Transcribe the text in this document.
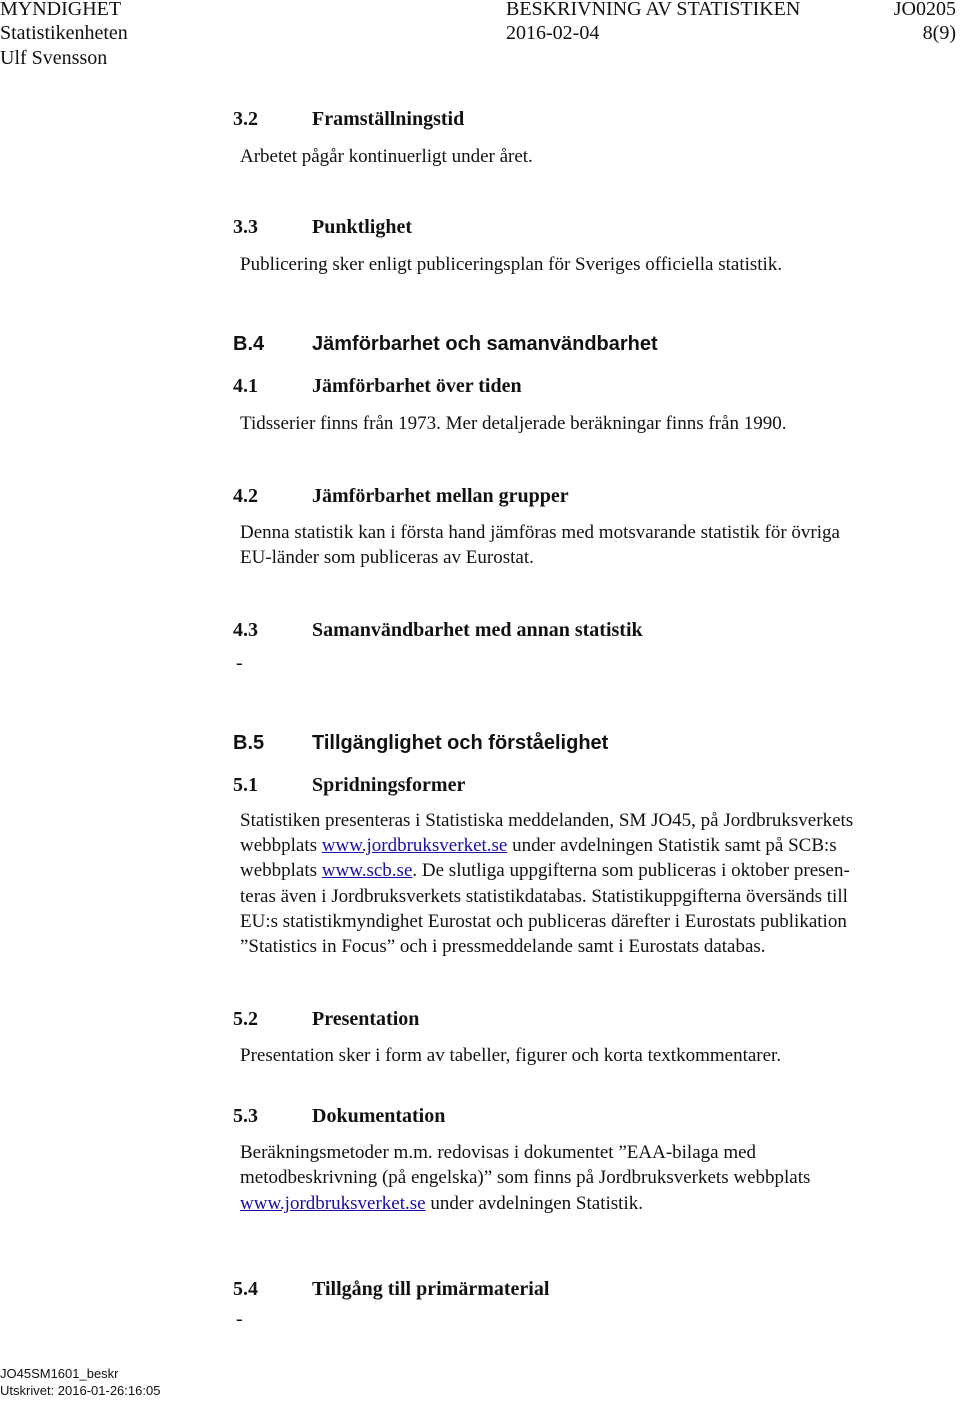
MYNDIGHET
Statistikenheten
Ulf Svensson
BESKRIVNING AV STATISTIKEN
2016-02-04
JO0205
8(9)
3.2	Framställningstid
Arbetet pågår kontinuerligt under året.
3.3	Punktlighet
Publicering sker enligt publiceringsplan för Sveriges officiella statistik.
B.4 Jämförbarhet och samanvändbarhet
4.1	Jämförbarhet över tiden
Tidsserier finns från 1973. Mer detaljerade beräkningar finns från 1990.
4.2	Jämförbarhet mellan grupper
Denna statistik kan i första hand jämföras med motsvarande statistik för övriga
EU-länder som publiceras av Eurostat.
4.3	Samanvändbarhet med annan statistik
-
B.5 Tillgänglighet och förståelighet
5.1	Spridningsformer
Statistiken presenteras i Statistiska meddelanden, SM JO45, på Jordbruksverkets
webbplats www.jordbruksverket.se under avdelningen Statistik samt på SCB:s
webbplats www.scb.se. De slutliga uppgifterna som publiceras i oktober presen-
teras även i Jordbruksverkets statistikdatabas. Statistikuppgifterna översänds till
EU:s statistikmyndighet Eurostat och publiceras därefter i Eurostats publikation
”Statistics in Focus” och i pressmeddelande samt i Eurostats databas.
5.2	Presentation
Presentation sker i form av tabeller, figurer och korta textkommentarer.
5.3	Dokumentation
Beräkningsmetoder m.m. redovisas i dokumentet ”EAA-bilaga med
metodbeskrivning (på engelska)” som finns på Jordbruksverkets webbplats
www.jordbruksverket.se under avdelningen Statistik.
5.4	Tillgång till primärmaterial
-
JO45SM1601_beskr
Utskrivet: 2016-01-26:16:05
